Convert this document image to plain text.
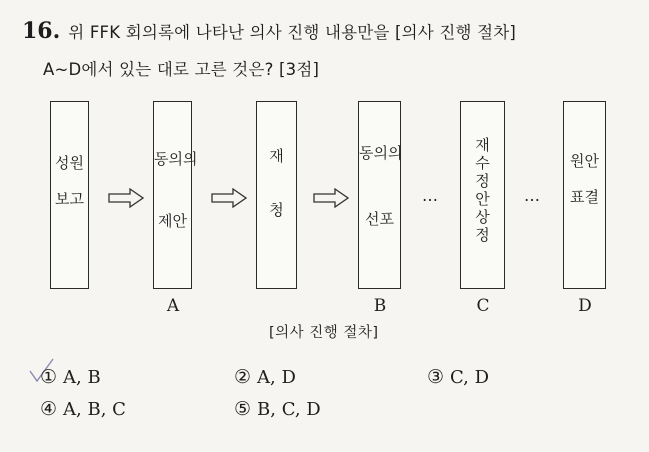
16. 위 FFK 회의록에 나타난 의사 진행 내용만을 [의사 진행 절차]
A~D에서 있는 대로 고른 것은? [3점]
성원

보고
동의의
제안
재

청
동의의
선포
…
재수정안 상정
…
원안

표결
A	B	C	D
[의사 진행 절차]
① A, B	② A, D	③ C, D
④ A, B, C	⑤ B, C, D
